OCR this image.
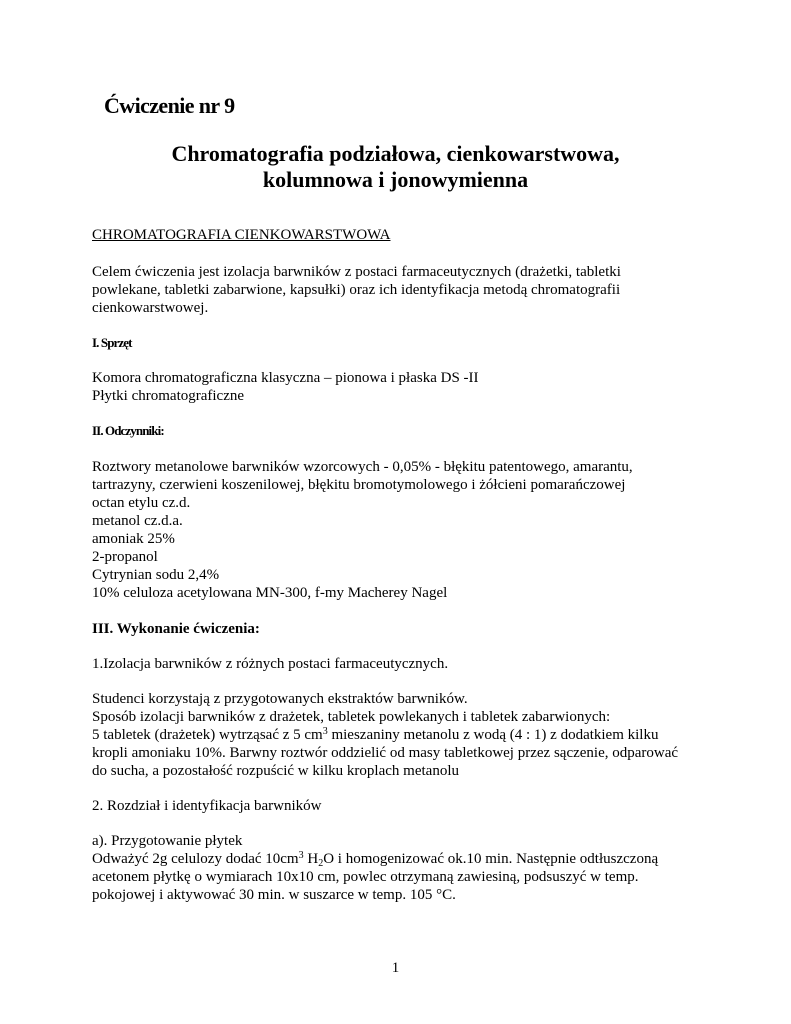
Ćwiczenie nr 9
Chromatografia podziałowa, cienkowarstwowa,
kolumnowa i jonowymienna
CHROMATOGRAFIA CIENKOWARSTWOWA
Celem ćwiczenia jest izolacja barwników z postaci farmaceutycznych (drażetki, tabletki
powlekane, tabletki zabarwione, kapsułki) oraz ich identyfikacja metodą chromatografii
cienkowarstwowej.
I. Sprzęt
Komora chromatograficzna klasyczna – pionowa i płaska DS -II
Płytki chromatograficzne
II. Odczynniki:
Roztwory metanolowe barwników wzorcowych - 0,05% - błękitu patentowego, amarantu,
tartrazyny, czerwieni koszenilowej, błękitu bromotymolowego i żółcieni pomarańczowej
octan etylu cz.d.
metanol cz.d.a.
amoniak 25%
2-propanol
Cytrynian sodu 2,4%
10% celuloza acetylowana MN-300, f-my Macherey Nagel
III. Wykonanie ćwiczenia:
1.Izolacja barwników z różnych postaci farmaceutycznych.
Studenci korzystają z przygotowanych ekstraktów barwników.
Sposób izolacji barwników z drażetek, tabletek powlekanych i tabletek zabarwionych:
5 tabletek (drażetek) wytrząsać z 5 $cm^3$ mieszaniny metanolu z wodą (4 : 1) z dodatkiem kilku
kropli amoniaku 10%. Barwny roztwór oddzielić od masy tabletkowej przez sączenie, odparować
do sucha, a pozostałość rozpuścić w kilku kroplach metanolu
2. Rozdział i identyfikacja barwników
a). Przygotowanie płytek
Odważyć 2g celulozy dodać $10cm^3$ $H_2O$ i homogenizować ok.10 min. Następnie odtłuszczoną
acetonem płytkę o wymiarach 10x10 cm, powlec otrzymaną zawiesiną, podsuszyć w temp.
pokojowej i aktywować 30 min. w suszarce w temp. 105 °C.
1
